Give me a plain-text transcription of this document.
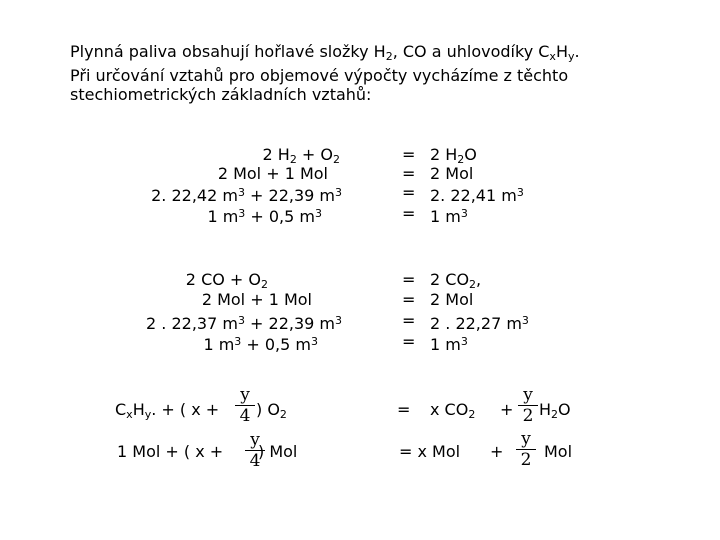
Plynná paliva obsahují hořlavé složky $H_2$, CO a uhlovodíky $C_xH_y$.
Při určování vztahů pro objemové výpočty vycházíme z těchto
stechiometrických základních vztahů:
2 $H_2 + O_2$
2 Mol + 1 Mol
2. 22,42 $m^3 + 22,39$ $m^3$
1 $m^3 + 0,5$ $m^3$
=
=
=
=
2 $H_2O$
2 Mol
2. 22,41 $m^3$
1 $m^3$
2 CO + $O_2$
2 Mol + 1 Mol
2 . 22,37 $m^3 + 22,39$ $m^3$
1 $m^3 + 0,5$ $m^3$
=
=
=
=
2 $CO_2$,
2 Mol
2 . 22,27 $m^3$
1 $m^3$
$C_xH_y$. + ( x +
y
4 ) $O_2$	= x $CO_2$ +
y
2 $H_2O$
1 Mol + ( x +
y
4
) Mol	= x Mol +
y
2 Mol
